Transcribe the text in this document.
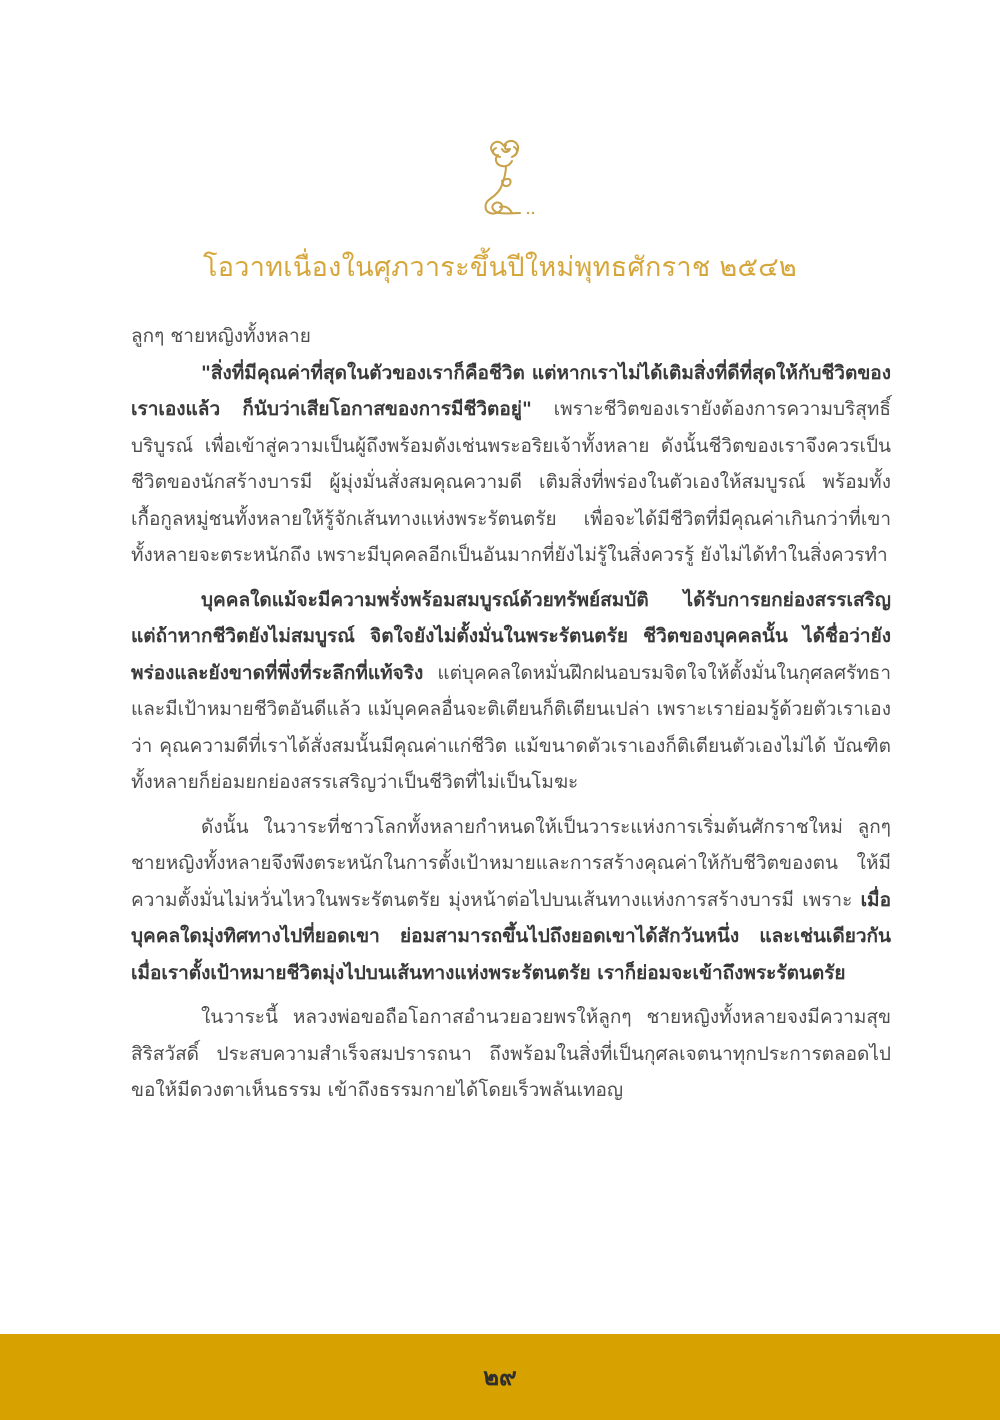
โอวาทเนื่องในศุภวาระขึ้นปีใหม่พุทธศักราช ๒๕๔๒
ลูกๆ ชายหญิงทั้งหลาย

"สิ่งที่มีคุณค่าที่สุดในตัวของเราก็คือชีวิต แต่หากเราไม่ได้เติมสิ่งที่ดีที่สุดให้กับชีวิตของเราเองแล้ว ก็นับว่าเสียโอกาสของการมีชีวิตอยู่" เพราะชีวิตของเรายังต้องการความบริสุทธิ์บริบูรณ์ เพื่อเข้าสู่ความเป็นผู้ถึงพร้อมดังเช่นพระอริยเจ้าทั้งหลาย ดังนั้นชีวิตของเราจึงควรเป็นชีวิตของนักสร้างบารมี ผู้มุ่งมั่นสั่งสมคุณความดี เติมสิ่งที่พร่องในตัวเองให้สมบูรณ์ พร้อมทั้งเกื้อกูลหมู่ชนทั้งหลายให้รู้จักเส้นทางแห่งพระรัตนตรัย เพื่อจะได้มีชีวิตที่มีคุณค่าเกินกว่าที่เขาทั้งหลายจะตระหนักถึง เพราะมีบุคคลอีกเป็นอันมากที่ยังไม่รู้ในสิ่งควรรู้ ยังไม่ได้ทำในสิ่งควรทำ

บุคคลใดแม้จะมีความพรั่งพร้อมสมบูรณ์ด้วยทรัพย์สมบัติ ได้รับการยกย่องสรรเสริญ แต่ถ้าหากชีวิตยังไม่สมบูรณ์ จิตใจยังไม่ตั้งมั่นในพระรัตนตรัย ชีวิตของบุคคลนั้น ได้ชื่อว่ายังพร่องและยังขาดที่พึ่งที่ระลึกที่แท้จริง แต่บุคคลใดหมั่นฝึกฝนอบรมจิตใจให้ตั้งมั่นในกุศลศรัทธาและมีเป้าหมายชีวิตอันดีแล้ว แม้บุคคลอื่นจะติเตียนก็ติเตียนเปล่า เพราะเราย่อมรู้ด้วยตัวเราเองว่า คุณความดีที่เราได้สั่งสมนั้นมีคุณค่าแก่ชีวิต แม้ขนาดตัวเราเองก็ติเตียนตัวเองไม่ได้ บัณฑิตทั้งหลายก็ย่อมยกย่องสรรเสริญว่าเป็นชีวิตที่ไม่เป็นโมฆะ

ดังนั้น ในวาระที่ชาวโลกทั้งหลายกำหนดให้เป็นวาระแห่งการเริ่มต้นศักราชใหม่ ลูกๆ ชายหญิงทั้งหลายจึงพึงตระหนักในการตั้งเป้าหมายและการสร้างคุณค่าให้กับชีวิตของตน ให้มีความตั้งมั่นไม่หวั่นไหวในพระรัตนตรัย มุ่งหน้าต่อไปบนเส้นทางแห่งการสร้างบารมี เพราะ เมื่อบุคคลใดมุ่งทิศทางไปที่ยอดเขา ย่อมสามารถขึ้นไปถึงยอดเขาได้สักวันหนึ่ง และเช่นเดียวกัน เมื่อเราตั้งเป้าหมายชีวิตมุ่งไปบนเส้นทางแห่งพระรัตนตรัย เราก็ย่อมจะเข้าถึงพระรัตนตรัย

ในวาระนี้ หลวงพ่อขอถือโอกาสอำนวยอวยพรให้ลูกๆ ชายหญิงทั้งหลายจงมีความสุขสิริสวัสดิ์ ประสบความสำเร็จสมปรารถนา ถึงพร้อมในสิ่งที่เป็นกุศลเจตนาทุกประการตลอดไป ขอให้มีดวงตาเห็นธรรม เข้าถึงธรรมกายได้โดยเร็วพลันเทอญ

๒๙
